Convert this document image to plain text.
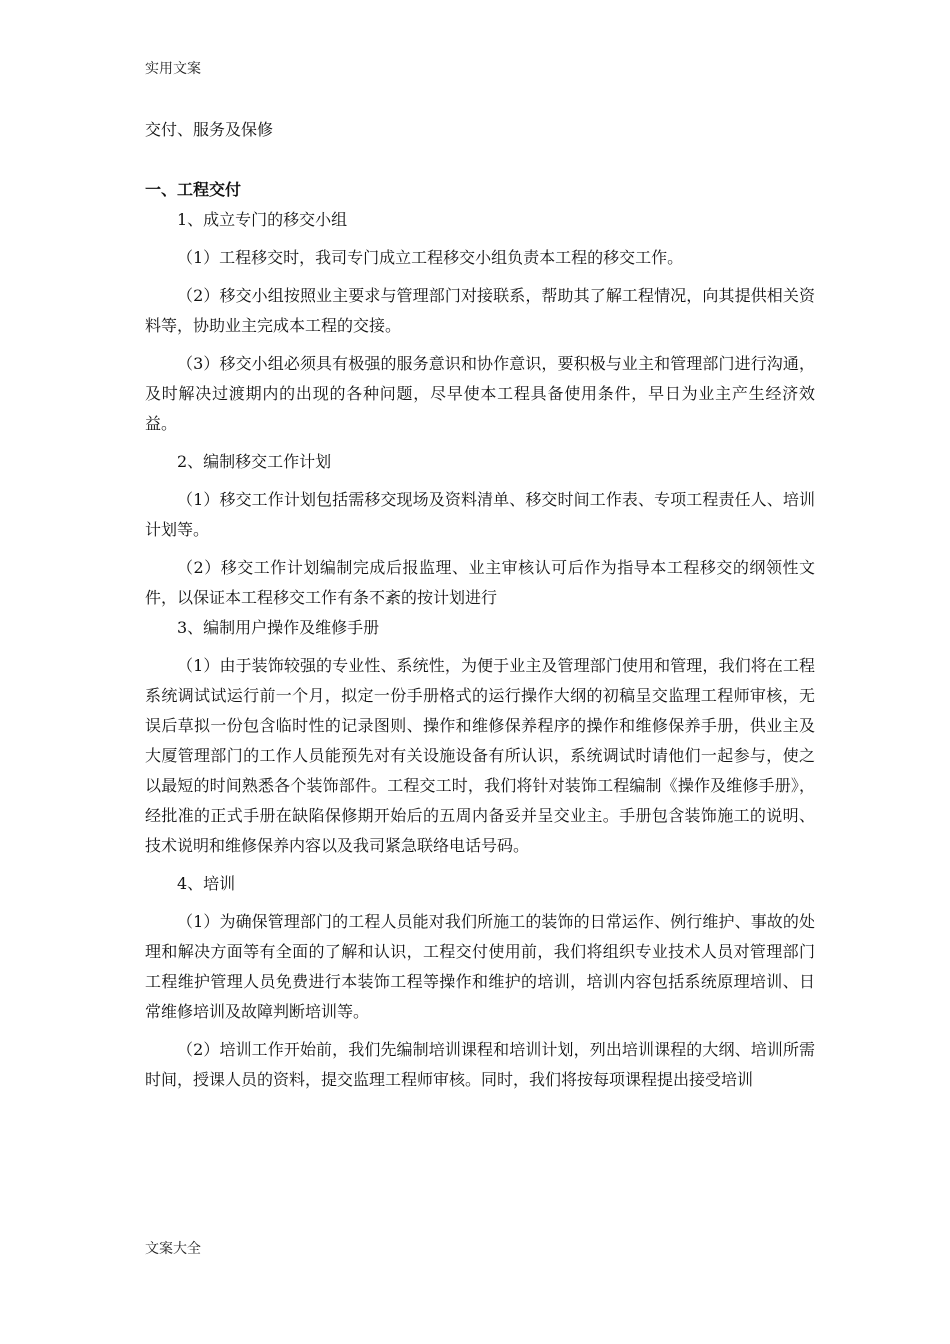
实用文案
交付、服务及保修
一、工程交付
1、成立专门的移交小组
（1）工程移交时，我司专门成立工程移交小组负责本工程的移交工作。
（2）移交小组按照业主要求与管理部门对接联系，帮助其了解工程情况，向其提供相关资料等，协助业主完成本工程的交接。
（3）移交小组必须具有极强的服务意识和协作意识，要积极与业主和管理部门进行沟通，及时解决过渡期内的出现的各种问题，尽早使本工程具备使用条件，早日为业主产生经济效益。
2、编制移交工作计划
（1）移交工作计划包括需移交现场及资料清单、移交时间工作表、专项工程责任人、培训计划等。
（2）移交工作计划编制完成后报监理、业主审核认可后作为指导本工程移交的纲领性文件，以保证本工程移交工作有条不紊的按计划进行
3、编制用户操作及维修手册
（1）由于装饰较强的专业性、系统性，为便于业主及管理部门使用和管理，我们将在工程系统调试试运行前一个月，拟定一份手册格式的运行操作大纲的初稿呈交监理工程师审核，无误后草拟一份包含临时性的记录图则、操作和维修保养程序的操作和维修保养手册，供业主及大厦管理部门的工作人员能预先对有关设施设备有所认识，系统调试时请他们一起参与，使之以最短的时间熟悉各个装饰部件。工程交工时，我们将针对装饰工程编制《操作及维修手册》，经批准的正式手册在缺陷保修期开始后的五周内备妥并呈交业主。手册包含装饰施工的说明、技术说明和维修保养内容以及我司紧急联络电话号码。
4、培训
（1）为确保管理部门的工程人员能对我们所施工的装饰的日常运作、例行维护、事故的处理和解决方面等有全面的了解和认识，工程交付使用前，我们将组织专业技术人员对管理部门工程维护管理人员免费进行本装饰工程等操作和维护的培训，培训内容包括系统原理培训、日常维修培训及故障判断培训等。
（2）培训工作开始前，我们先编制培训课程和培训计划，列出培训课程的大纲、培训所需时间，授课人员的资料，提交监理工程师审核。同时，我们将按每项课程提出接受培训
文案大全
